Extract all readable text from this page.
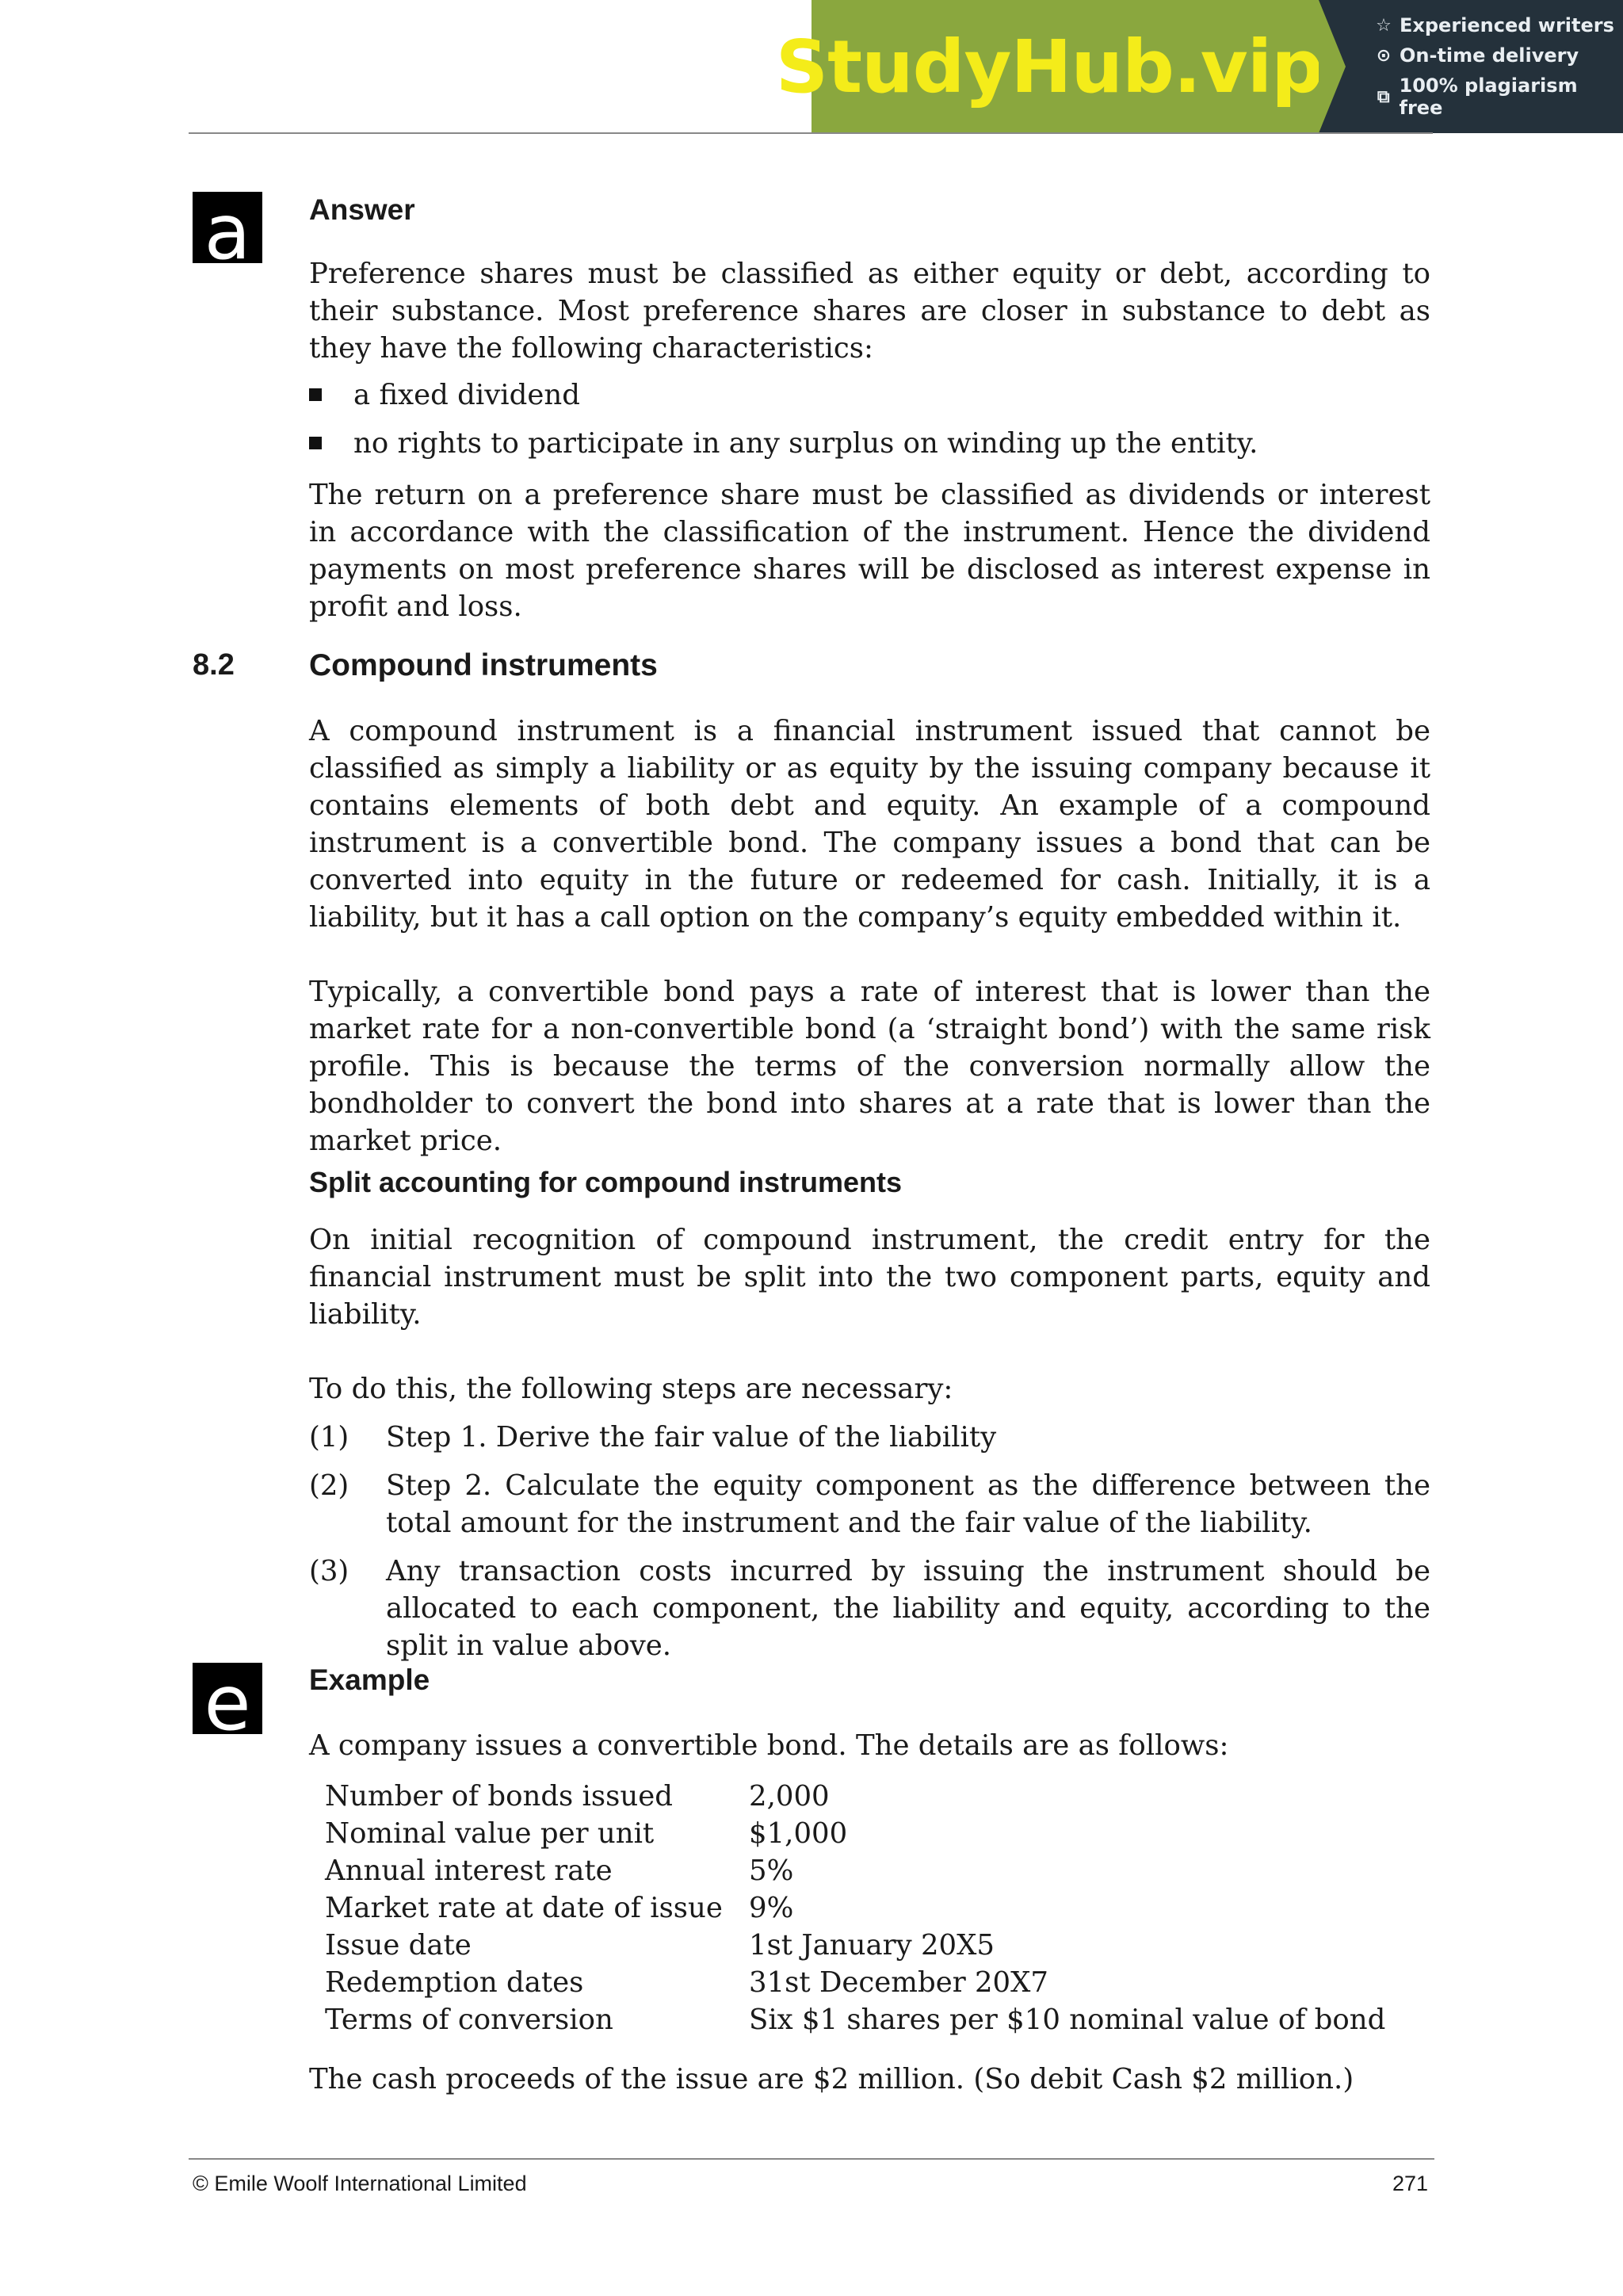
StudyHub.vip	☆ Experienced writers
⊙ On-time delivery
⧉ 100% plagiarism free
a Answer

Preference shares must be classified as either equity or debt, according to their substance. Most preference shares are closer in substance to debt as they have the following characteristics:

a fixed dividend
no rights to participate in any surplus on winding up the entity.

The return on a preference share must be classified as dividends or interest in accordance with the classification of the instrument. Hence the dividend payments on most preference shares will be disclosed as interest expense in profit and loss.

8.2 Compound instruments

A compound instrument is a financial instrument issued that cannot be classified as simply a liability or as equity by the issuing company because it contains elements of both debt and equity. An example of a compound instrument is a convertible bond. The company issues a bond that can be converted into equity in the future or redeemed for cash. Initially, it is a liability, but it has a call option on the company’s equity embedded within it.

Typically, a convertible bond pays a rate of interest that is lower than the market rate for a non-convertible bond (a ‘straight bond’) with the same risk profile. This is because the terms of the conversion normally allow the bondholder to convert the bond into shares at a rate that is lower than the market price.

Split accounting for compound instruments

On initial recognition of compound instrument, the credit entry for the financial instrument must be split into the two component parts, equity and liability.

To do this, the following steps are necessary:

(1)	Step 1. Derive the fair value of the liability
(2)	Step 2. Calculate the equity component as the difference between the total amount for the instrument and the fair value of the liability.
(3)	Any transaction costs incurred by issuing the instrument should be allocated to each component, the liability and equity, according to the split in value above.
e Example

A company issues a convertible bond. The details are as follows:

Number of bonds issued	2,000
Nominal value per unit	$1,000
Annual interest rate	5%
Market rate at date of issue 9%
Issue date	1st January 20X5
Redemption dates	31st December 20X7
Terms of conversion	Six $1 shares per $10 nominal value of bond

The cash proceeds of the issue are $2 million. (So debit Cash $2 million.)

© Emile Woolf International Limited	271
